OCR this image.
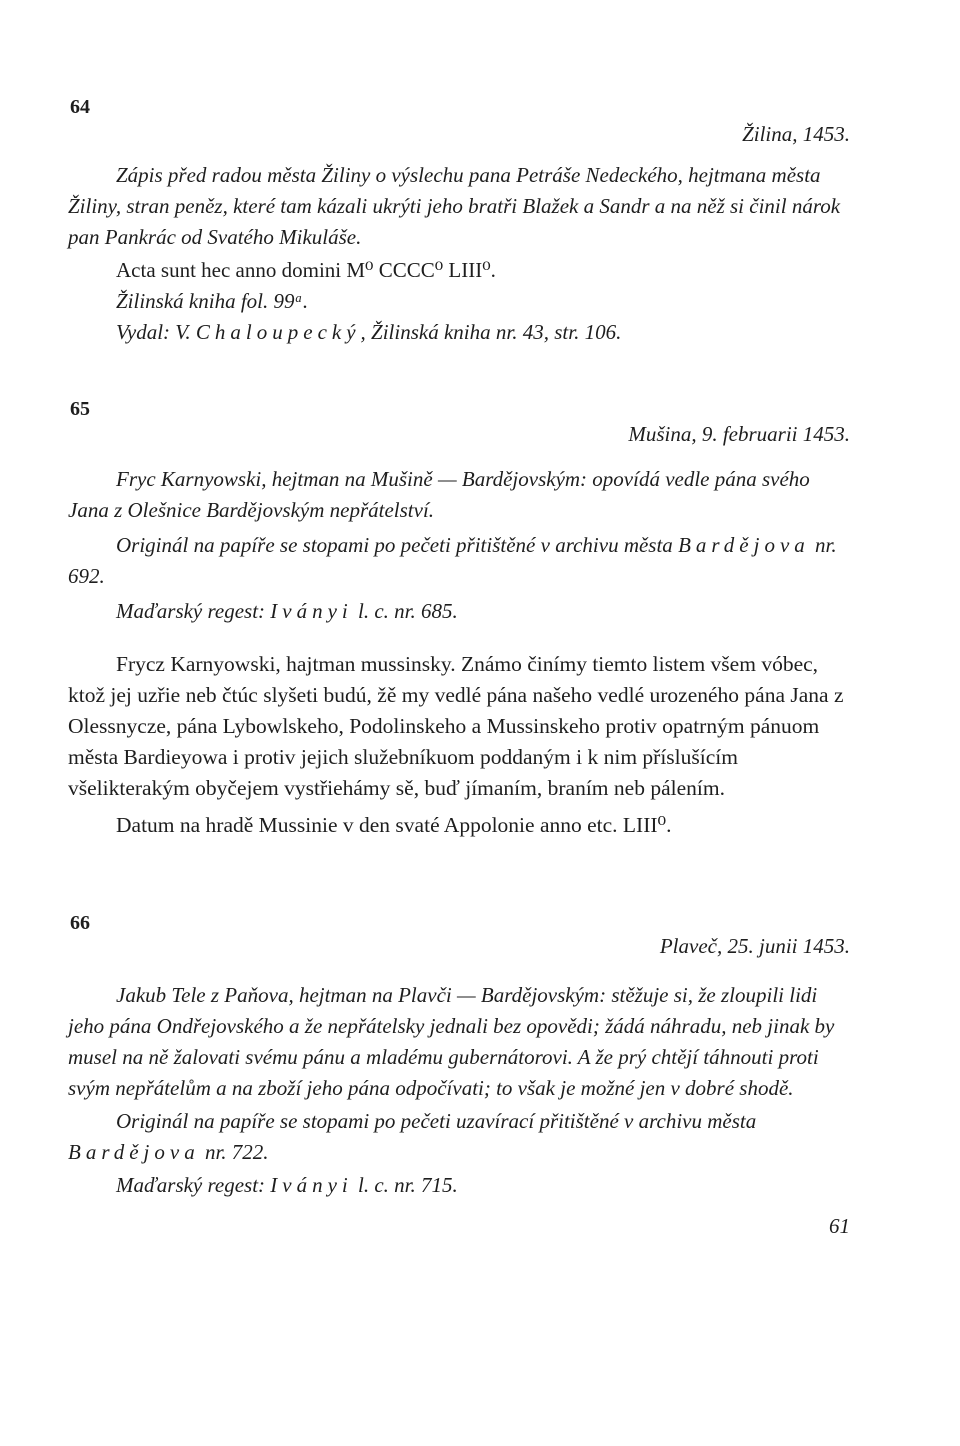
64
Žilina, 1453.

Zápis před radou města Žiliny o výslechu pana Petráše Nedeckého, hejtmana města Žiliny, stran peněz, které tam kázali ukrýti jeho bratři Blažek a Sandr a na něž si činil nárok pan Pankrác od Svatého Mikuláše.

Acta sunt hec anno domini M⁰ CCCC⁰ LIII⁰.

Žilinská kniha fol. 99ᵃ.

Vydal: V. Chaloupecký, Žilinská kniha nr. 43, str. 106.

65
Mušina, 9. februarii 1453.

Fryc Karnyowski, hejtman na Mušině — Bardějovským: opovídá vedle pána svého Jana z Olešnice Bardějovským nepřátelství.

Originál na papíře se stopami po pečeti přitištěné v archivu města Bardějova nr. 692.

Maďarský regest: Iványi l. c. nr. 685.

Frycz Karnyowski, hajtman mussinsky. Známo činímy tiemto listem všem vóbec, ktož jej uzřie neb čtúc slyšeti budú, žě my vedlé pána našeho vedlé urozeného pána Jana z Olessnycze, pána Lybowlskeho, Podolinskeho a Mussinskeho protiv opatrným pánuom města Bardieyowa i protiv jejich služebníkuom poddaným i k nim příslušícím všelikterakým obyčejem vystřiehámy sě, buď jímaním, braním neb pálením.

Datum na hradě Mussinie v den svaté Appolonie anno etc. LIII⁰.

66
Plaveč, 25. junii 1453.

Jakub Tele z Paňova, hejtman na Plavči — Bardějovským: stěžuje si, že zloupili lidi jeho pána Ondřejovského a že nepřátelsky jednali bez opovědi; žádá náhradu, neb jinak by musel na ně žalovati svému pánu a mladému gubernátorovi. A že prý chtějí táhnouti proti svým nepřátelům a na zboží jeho pána odpočívati; to však je možné jen v dobré shodě.

Originál na papíře se stopami po pečeti uzavírací přitištěné v archivu města Bardějova nr. 722.

Maďarský regest: Iványi l. c. nr. 715.

61
